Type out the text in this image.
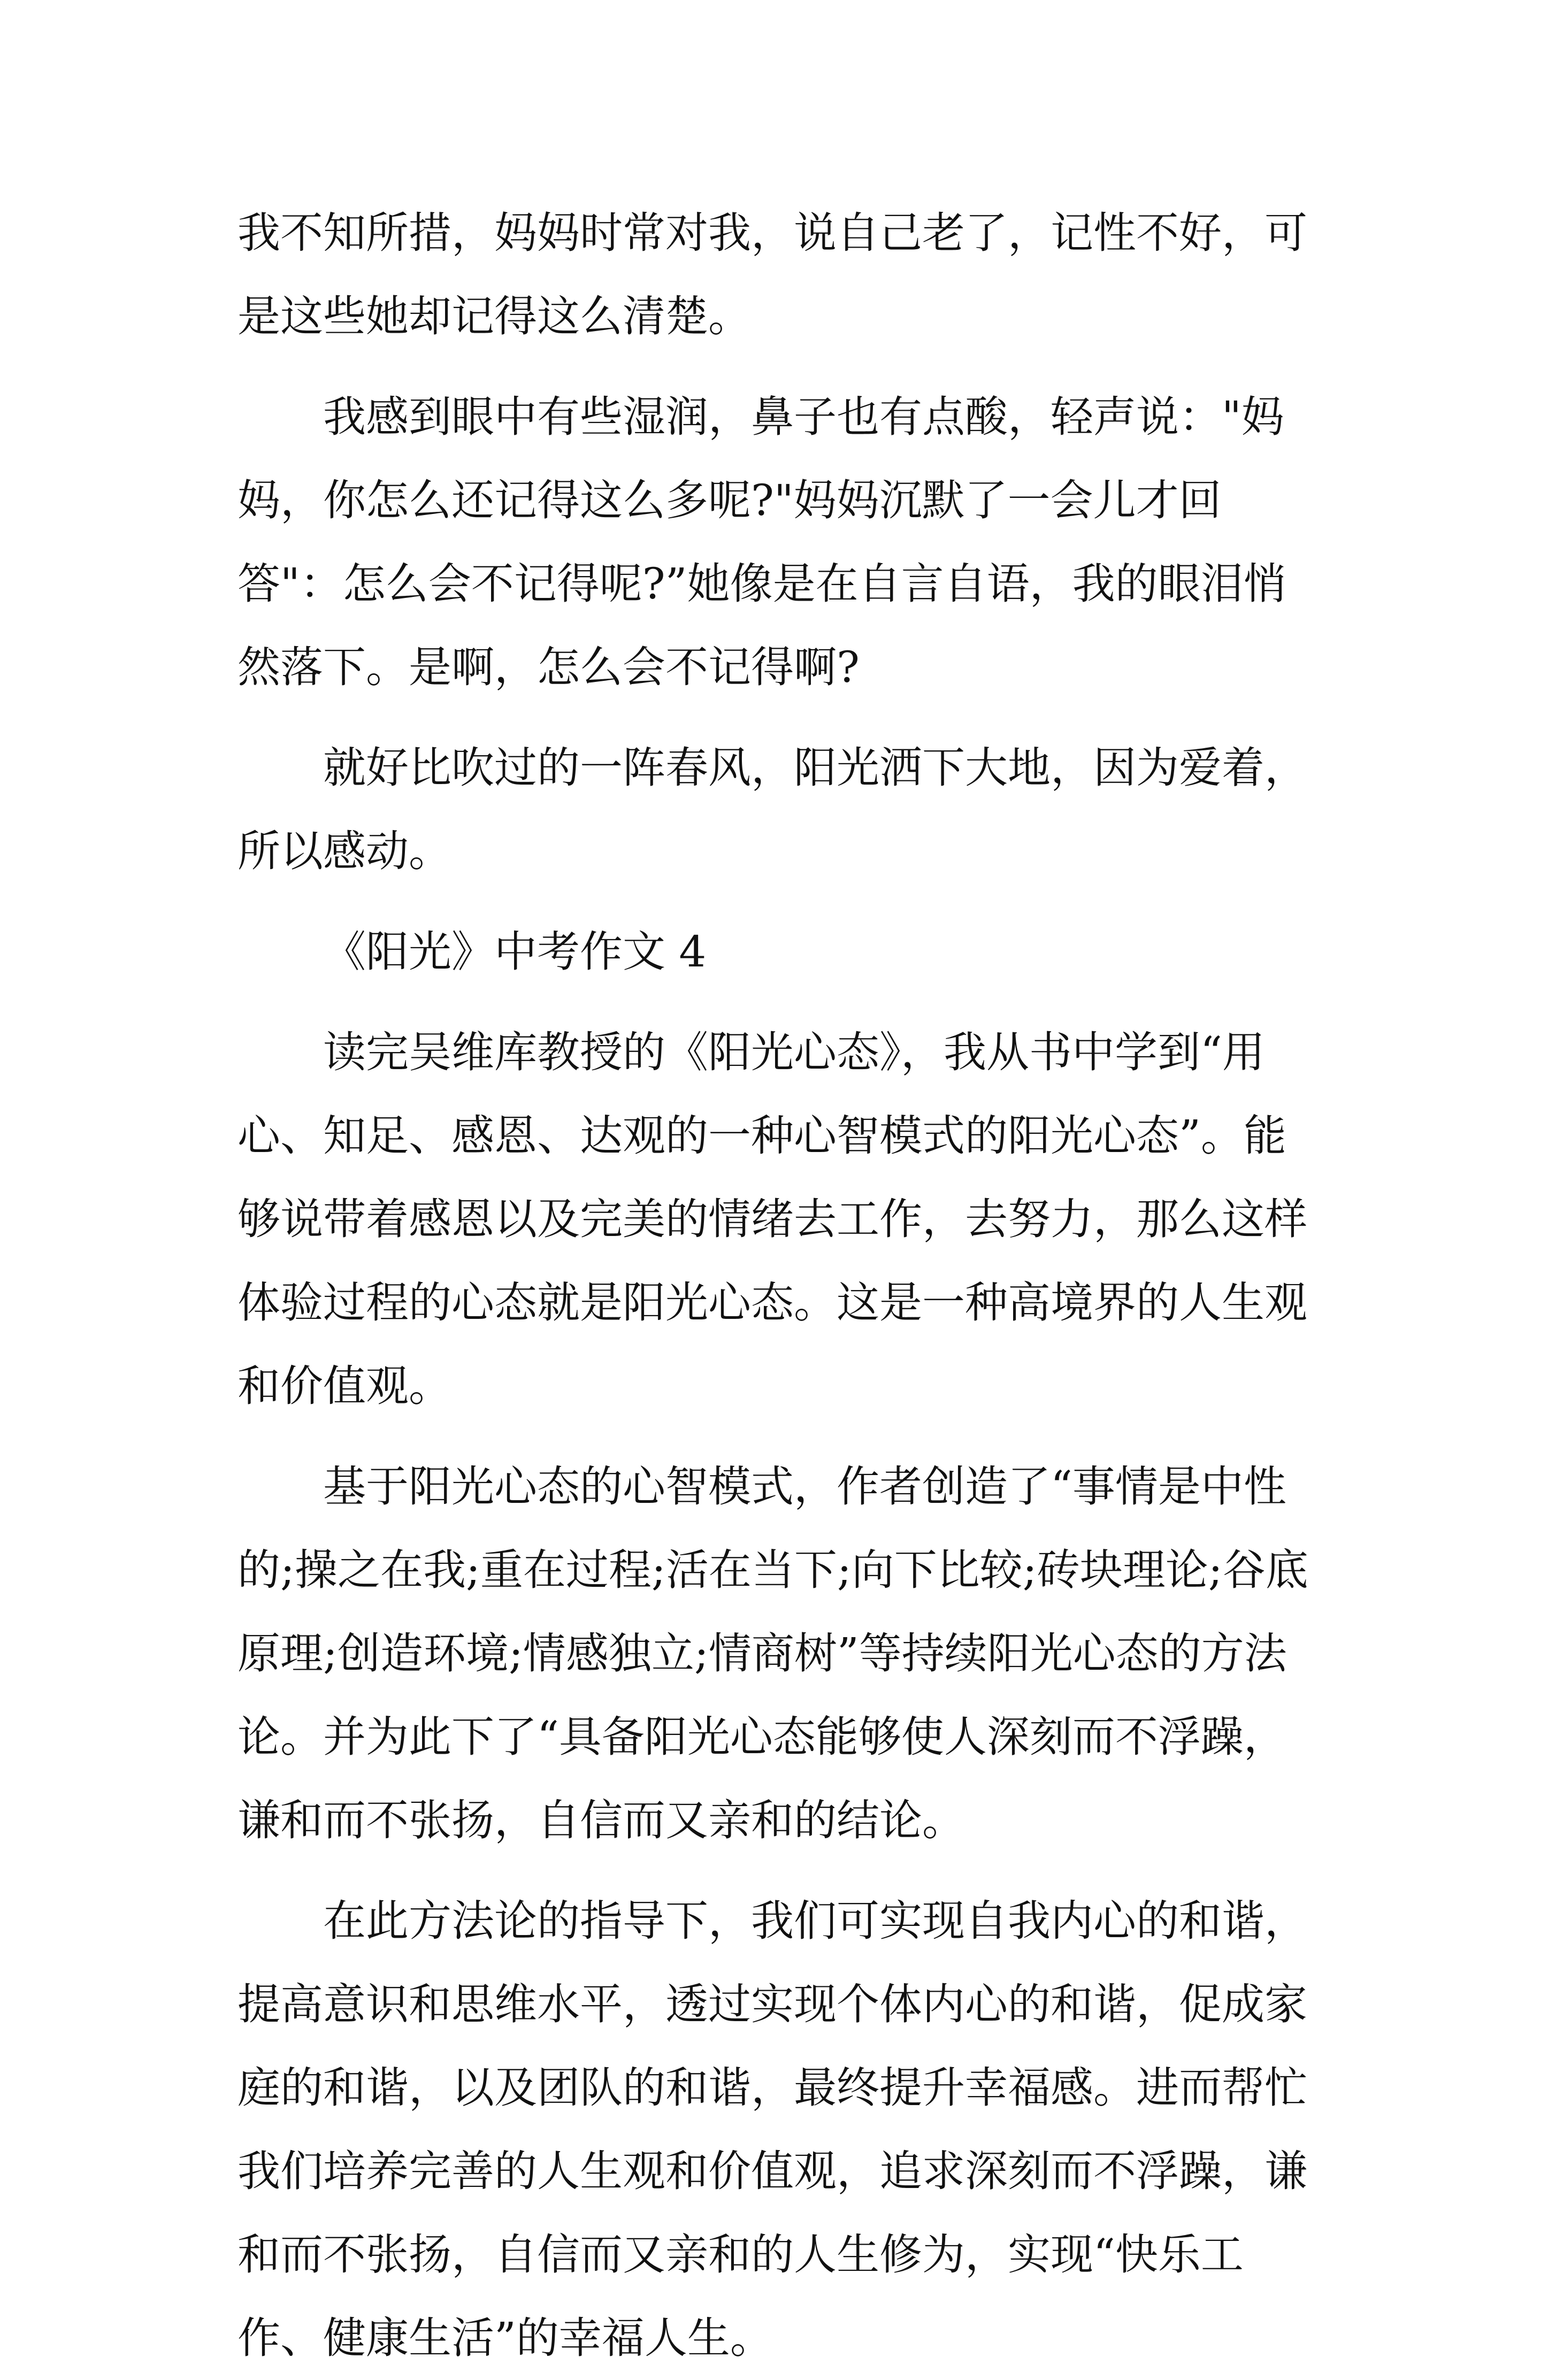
我不知所措，妈妈时常对我，说自己老了，记性不好，可是这些她却记得这么清楚。

我感到眼中有些湿润，鼻子也有点酸，轻声说："妈妈，你怎么还记得这么多呢?"妈妈沉默了一会儿才回答"：怎么会不记得呢?”她像是在自言自语，我的眼泪悄然落下。是啊，怎么会不记得啊?

就好比吹过的一阵春风，阳光洒下大地，因为爱着，所以感动。

《阳光》中考作文 4

读完吴维库教授的《阳光心态》，我从书中学到“用心、知足、感恩、达观的一种心智模式的阳光心态”。能够说带着感恩以及完美的情绪去工作，去努力，那么这样体验过程的心态就是阳光心态。这是一种高境界的人生观和价值观。

基于阳光心态的心智模式，作者创造了“事情是中性的;操之在我;重在过程;活在当下;向下比较;砖块理论;谷底原理;创造环境;情感独立;情商树”等持续阳光心态的方法论。并为此下了“具备阳光心态能够使人深刻而不浮躁，谦和而不张扬，自信而又亲和的结论。

在此方法论的指导下，我们可实现自我内心的和谐，提高意识和思维水平，透过实现个体内心的和谐，促成家庭的和谐，以及团队的和谐，最终提升幸福感。进而帮忙我们培养完善的人生观和价值观，追求深刻而不浮躁，谦和而不张扬，自信而又亲和的人生修为，实现“快乐工作、健康生活”的幸福人生。
